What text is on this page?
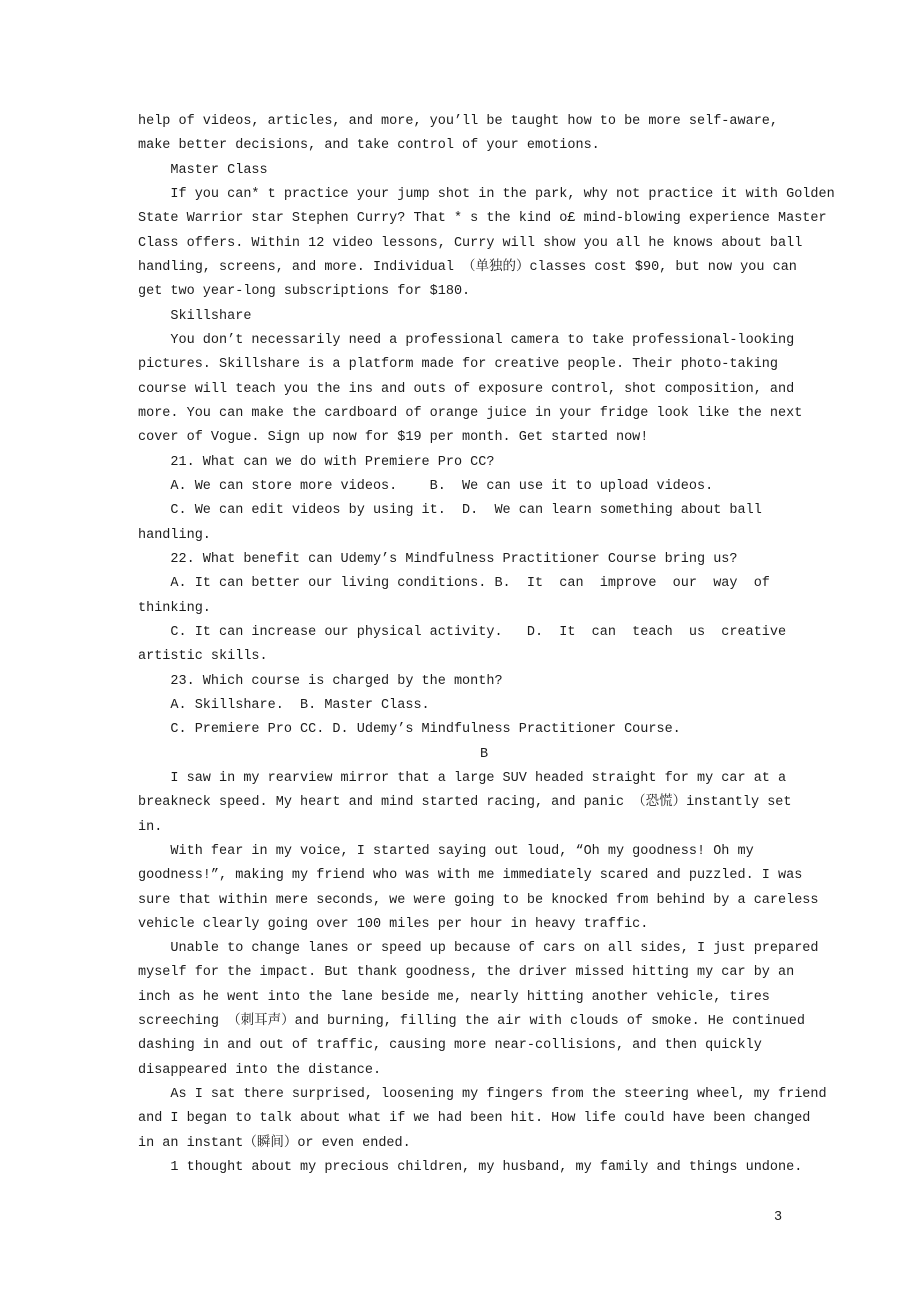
help of videos, articles, and more, you’ll be taught how to be more self-aware,
make better decisions, and take control of your emotions.
Master Class
If you can* t practice your jump shot in the park, why not practice it with Golden
State Warrior star Stephen Curry? That * s the kind o£ mind-blowing experience Master
Class offers. Within 12 video lessons, Curry will show you all he knows about ball
handling, screens, and more. Individual （单独的）classes cost $90, but now you can
get two year-long subscriptions for $180.
Skillshare
You don’t necessarily need a professional camera to take professional-looking
pictures. Skillshare is a platform made for creative people. Their photo-taking
course will teach you the ins and outs of exposure control, shot composition, and
more. You can make the cardboard of orange juice in your fridge look like the next
cover of Vogue. Sign up now for $19 per month. Get started now!
21. What can we do with Premiere Pro CC?
A. We can store more videos.    B.  We can use it to upload videos.
C. We can edit videos by using it.  D.  We can learn something about ball
handling.
22. What benefit can Udemy’s Mindfulness Practitioner Course bring us?
A. It can better our living conditions. B.  It  can  improve  our  way  of
thinking.
C. It can increase our physical activity.   D.  It  can  teach  us  creative
artistic skills.
23. Which course is charged by the month?
A. Skillshare.  B. Master Class.
C. Premiere Pro CC. D. Udemy’s Mindfulness Practitioner Course.
B
I saw in my rearview mirror that a large SUV headed straight for my car at a
breakneck speed. My heart and mind started racing, and panic （恐慌）instantly set
in.
With fear in my voice, I started saying out loud, “Oh my goodness! Oh my
goodness!”, making my friend who was with me immediately scared and puzzled. I was
sure that within mere seconds, we were going to be knocked from behind by a careless
vehicle clearly going over 100 miles per hour in heavy traffic.
Unable to change lanes or speed up because of cars on all sides, I just prepared
myself for the impact. But thank goodness, the driver missed hitting my car by an
inch as he went into the lane beside me, nearly hitting another vehicle, tires
screeching （刺耳声）and burning, filling the air with clouds of smoke. He continued
dashing in and out of traffic, causing more near-collisions, and then quickly
disappeared into the distance.
As I sat there surprised, loosening my fingers from the steering wheel, my friend
and I began to talk about what if we had been hit. How life could have been changed
in an instant（瞬间）or even ended.
1 thought about my precious children, my husband, my family and things undone.
3
